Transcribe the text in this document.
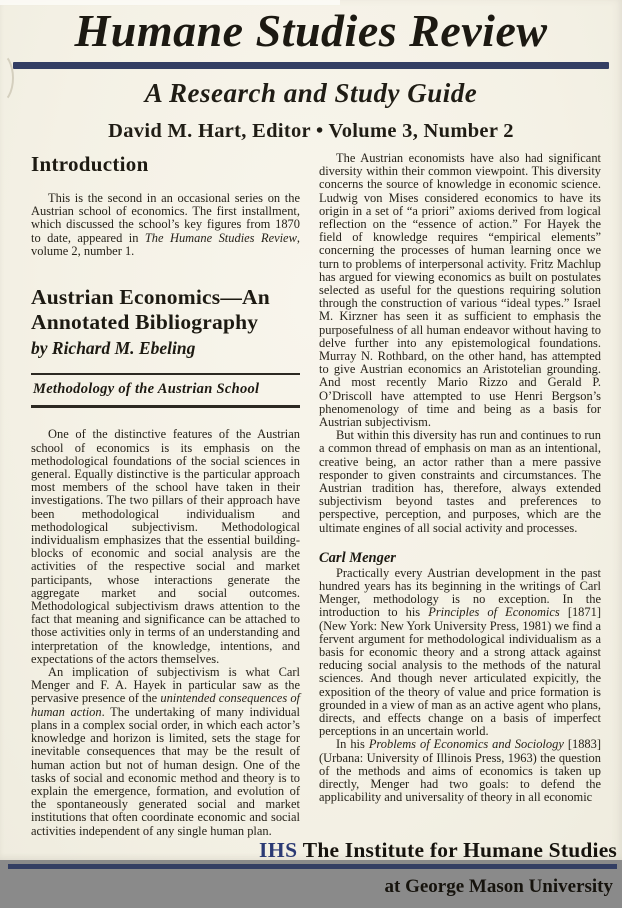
Humane Studies Review
A Research and Study Guide
David M. Hart, Editor • Volume 3, Number 2
Introduction

This is the second in an occasional series on the Austrian school of economics. The first installment, which discussed the school’s key figures from 1870 to date, appeared in The Humane Studies Review, volume 2, number 1.

Austrian Economics—An Annotated Bibliography
by Richard M. Ebeling
Methodology of the Austrian School

One of the distinctive features of the Austrian school of economics is its emphasis on the methodological foundations of the social sciences in general. Equally distinctive is the particular approach most members of the school have taken in their investigations. The two pillars of their approach have been methodological individualism and methodological subjectivism. Methodological individualism emphasizes that the essential building-blocks of economic and social analysis are the activities of the respective social and market participants, whose interactions generate the aggregate market and social outcomes. Methodological subjectivism draws attention to the fact that meaning and significance can be attached to those activities only in terms of an understanding and interpretation of the knowledge, intentions, and expectations of the actors themselves.

An implication of subjectivism is what Carl Menger and F. A. Hayek in particular saw as the pervasive presence of the unintended consequences of human action. The undertaking of many individual plans in a complex social order, in which each actor’s knowledge and horizon is limited, sets the stage for inevitable consequences that may be the result of human action but not of human design. One of the tasks of social and economic method and theory is to explain the emergence, formation, and evolution of the spontaneously generated social and market institutions that often coordinate economic and social activities independent of any single human plan.

The Austrian economists have also had significant diversity within their common viewpoint. This diversity concerns the source of knowledge in economic science. Ludwig von Mises considered economics to have its origin in a set of “a priori” axioms derived from logical reflection on the “essence of action.” For Hayek the field of knowledge requires “empirical elements” concerning the processes of human learning once we turn to problems of interpersonal activity. Fritz Machlup has argued for viewing economics as built on postulates selected as useful for the questions requiring solution through the construction of various “ideal types.” Israel M. Kirzner has seen it as sufficient to emphasis the purposefulness of all human endeavor without having to delve further into any epistemological foundations. Murray N. Rothbard, on the other hand, has attempted to give Austrian economics an Aristotelian grounding. And most recently Mario Rizzo and Gerald P. O’Driscoll have attempted to use Henri Bergson’s phenomenology of time and being as a basis for Austrian subjectivism.

But within this diversity has run and continues to run a common thread of emphasis on man as an intentional, creative being, an actor rather than a mere passive responder to given constraints and circumstances. The Austrian tradition has, therefore, always extended subjectivism beyond tastes and preferences to perspective, perception, and purposes, which are the ultimate engines of all social activity and processes.

Carl Menger

Practically every Austrian development in the past hundred years has its beginning in the writings of Carl Menger, methodology is no exception. In the introduction to his Principles of Economics [1871] (New York: New York University Press, 1981) we find a fervent argument for methodological individualism as a basis for economic theory and a strong attack against reducing social analysis to the methods of the natural sciences. And though never articulated expicitly, the exposition of the theory of value and price formation is grounded in a view of man as an active agent who plans, directs, and effects change on a basis of imperfect perceptions in an uncertain world.

In his Problems of Economics and Sociology [1883] (Urbana: University of Illinois Press, 1963) the question of the methods and aims of economics is taken up directly, Menger had two goals: to defend the applicability and universality of theory in all economic

IHS The Institute for Humane Studies
at George Mason University
